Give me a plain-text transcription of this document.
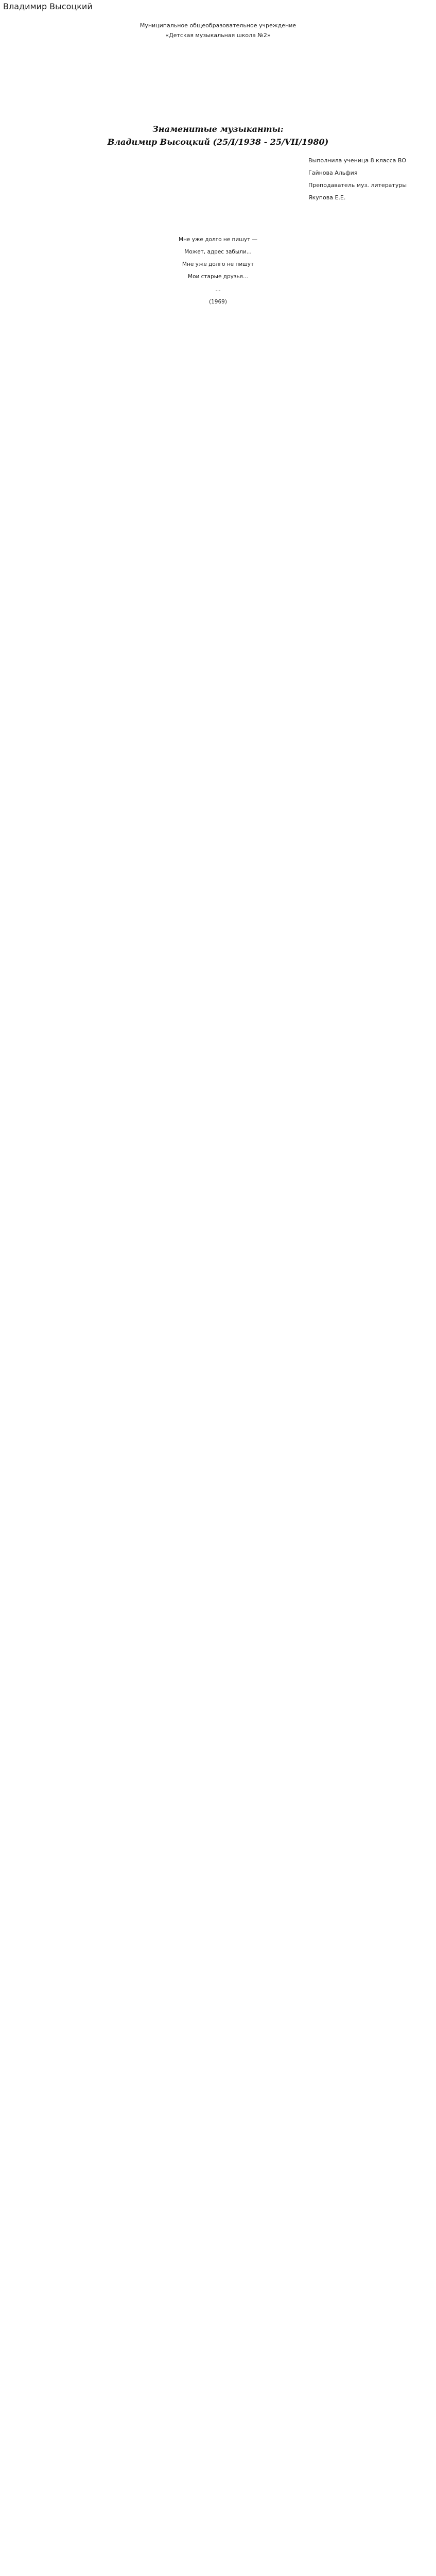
Владимир Высоцкий
Муниципальное общеобразовательное учреждение
«Детская музыкальная школа №2»
Знаменитые музыканты:
Владимир Высоцкий (25/I/1938 - 25/VII/1980)
Выполнила ученица 8 класса ВО
Гайнова Альфия
Преподаватель муз. литературы
Якупова Е.Е.
Мне уже долго не пишут —
Может, адрес забыли...
Мне уже долго не пишут
Мои старые друзья...
…
(1969)
